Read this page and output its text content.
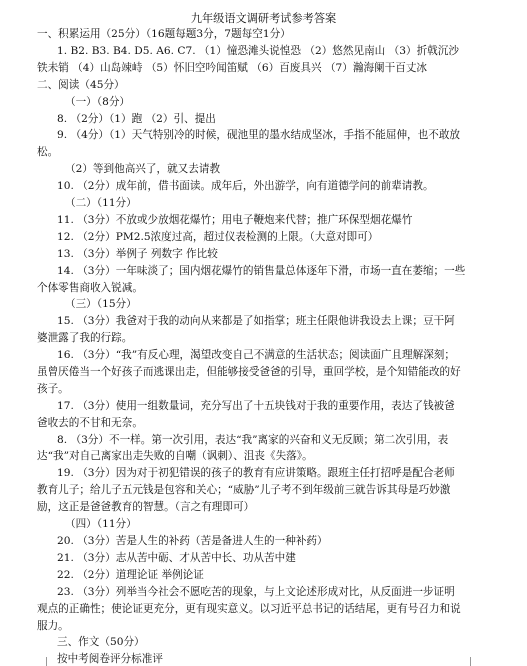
九年级语文调研考试参考答案
一、积累运用（25分）（16题每题3分，7题每空1分）
1. B2. B3. B4. D5. A6. C7. （1）憧恐滩头说惶恐 （2）悠然见南山 （3）折戟沉沙
铁未销 （4）山岛竦峙 （5）怀旧空吟闻笛赋 （6）百废具兴 （7）瀚海阑干百丈冰
二、阅读（45分）
（一）（8分）
8. （2分）（1）跑 （2）引、提出
9. （4分）（1）天气特别冷的时候，砚池里的墨水结成坚冰，手指不能屈伸，也不敢放
松。
（2）等到他高兴了，就又去请教
10. （2分）成年前，借书面读。成年后，外出游学，向有道德学问的前辈请教。
（二）（11分）
11. （3分）不放或少放烟花爆竹；用电子鞭炮来代替；推广环保型烟花爆竹
12. （2分）PM2.5浓度过高，超过仪表检测的上限。（大意对即可）
13. （3分）举例子 列数字 作比较
14. （3分）一年味淡了；国内烟花爆竹的销售量总体逐年下滑，市场一直在萎缩；一些
个体零售商收入锐减。
（三）（15分）
15. （3分）我爸对于我的动向从来都是了如指掌；班主任限他讲我设去上课；豆干阿
婆泄露了我的行踪。
16. （3分）“我”有反心理，渴望改变自己不满意的生活状态；阅读面广且理解深刻；
虽曾厌倦当一个好孩子而逃课出走，但能够接受爸爸的引导，重回学校，是个知错能改的好
孩子。
17. （3分）使用一组数量词，充分写出了十五块钱对于我的重要作用，表达了钱被爸
爸收去的不甘和无奈。
8. （3分）不一样。第一次引用，表达“我”离家的兴奋和义无反顾；第二次引用，表
达“我”对自己离家出走失败的自嘲（讽刺）、沮丧《失落》。
19. （3分）因为对于初犯错误的孩子的教育有应讲策略。跟班主任打招呼是配合老师
教育儿子；给儿子五元钱是包容和关心；“威胁”儿子考不到年级前三就告诉其母是巧妙激
励，这正是爸爸教育的智慧。（言之有理即可）
（四）（11分）
20. （3分）苦是人生的补药（苦是备进人生的一种补药）
21. （3分）志从苦中砺、才从苦中长、功从苦中建
22. （2分）道理论证 举例论证
23. （3分）列举当今社会不愿吃苦的现象，与上文论述形成对比，从反面进一步证明
观点的正确性；使论证更充分，更有现实意义。以习近平总书记的话结尾，更有号召力和说
服力。
三、作文（50分）
按中考阅卷评分标准评
